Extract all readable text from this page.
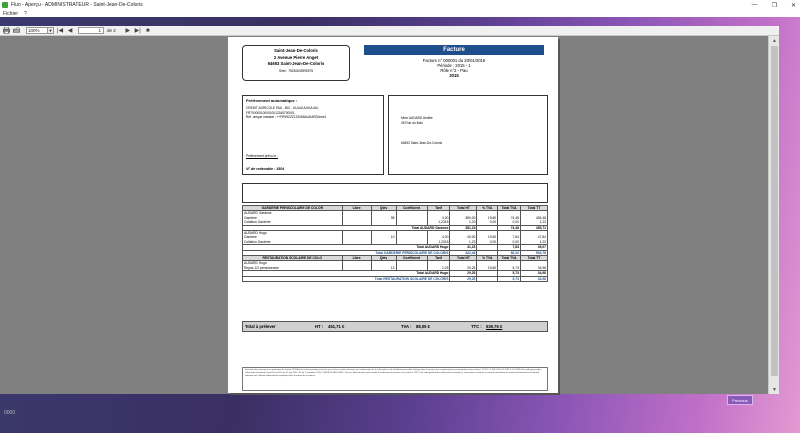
Fluo - Aperçu - ADMINISTRATEUR - Saint-Jean-De-Coloris	— ❐ ✕
Fichier ?
100%	▼ |◀ ◀	1	de 2 ▶ ▶| ■
▲
▼
Saint-Jean-De-Coloris
2 Avenue Pierre Anget
64653 Saint-Jean-De-Coloris
Siret : 75230603995975
Facture
Facture n° 000001 du 20/01/2015
Période : 2015 - 1
Rôle n°2 - Pau
2015
Prélèvement automatique :
CREDIT AGRICOLE PAU - BIC : UUUUUUUUUUU
FR7000001000010012345700001
Réf. unique mandat : ++FR99ZZZ123456AUDARDAme1
Prélèvement prévu le :
N° de redevable : 1504
Mme AUDARD Amélie
45 Rue du Bois
64653 Saint-Jean-De-Coloris
GARDERIE PERISCOLAIRE DE COLOR	Libre	Qtés	Coefficient	Tarif	Total HT	% TVA	Total TVA	Total TT
AUDARD Garance								
Garderie		95		4,00	380,00	19,60	74,48	454,48
Collation Garderie				1,2315	1,23	0,00	0,00	1,23
Total AUDARD Garance					381,23		74,48	455,71
AUDARD Hugo								
Garderie		10		4,00	40,00	19,60	7,84	47,84
Collation Garderie				1,2315	1,23	0,00	0,00	1,23
Total AUDARD Hugo					41,23		7,84	49,07
Total GARDERIE PERISCOLAIRE DE COLORIS					422,46		82,32	504,78
RESTAURATION SCOLAIRE DE COLO	Libre	Qtés	Coefficient	Tarif	Total HT	% TVA	Total TVA	Total TT
AUDARD Hugo								
Repas 1/2 pensionnaire		13		2,25	29,25	19,60	5,73	34,98
Total AUDARD Hugo					29,25		5,73	34,98
Total RESTAURATION SCOLAIRE DE COLORIS					29,25		5,73	34,98
Total à prélever	HT : 451,71 €	TVA : 88,05 €	TTC : 539,76 €
Extrait du titre exécutoire en application de l'article L252A du livre des procédures fiscales pris, émis et rendu exécutoire par l'ordonnateur de la collectivité ou de l'établissement public désigné dans le présent avis conformément aux dispositions des articles L 1617-5, D 1617-23 et R 2342-4 à R 2342-6 du code général des collectivités territoriales (voir Décret 96-9 du 12 juin 2015, JO du 7 novembre 2015). VOIES DE RECOURS : Dans le délai de deux mois suivant la notification du présent acte (article L 1617-5 du code général des collectivités territoriales), vous pouvez contester la somme mentionnée en saisissant directement le tribunal judiciaire ou le tribunal administratif compétent selon la nature de la créance.
0000
Previous
